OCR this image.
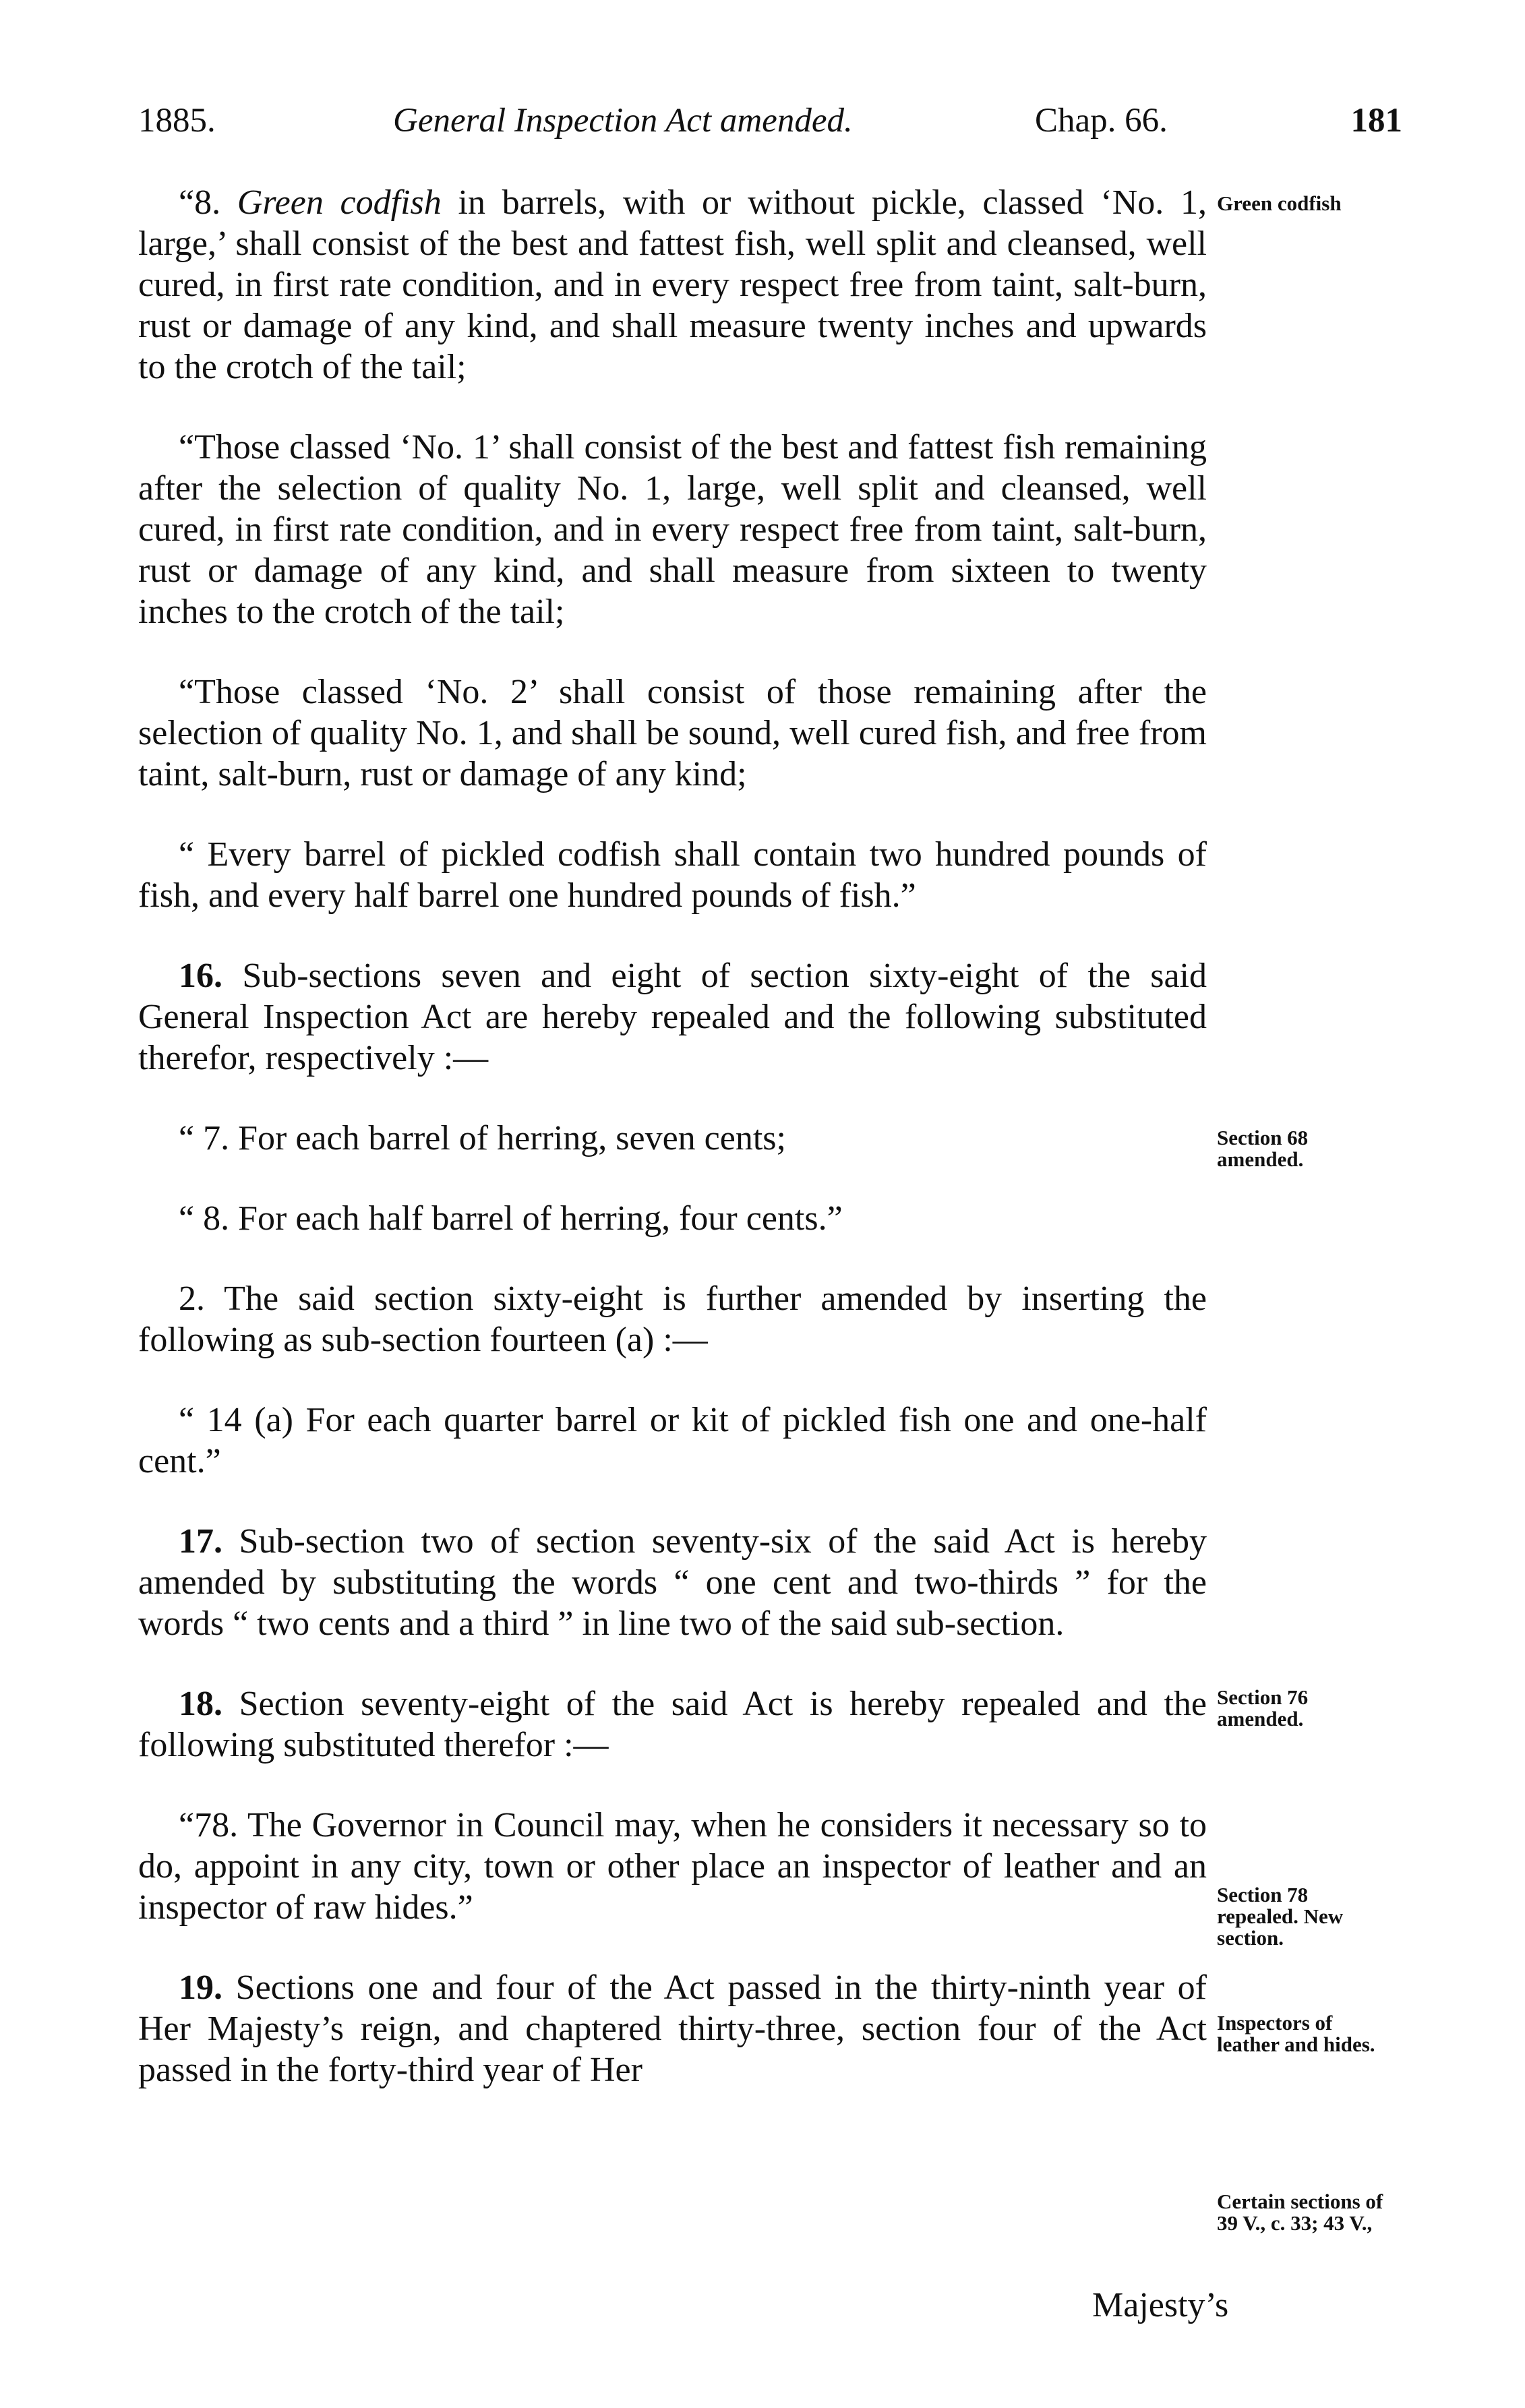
1885.	General Inspection Act amended.	Chap. 66.	181

“8. Green codfish in barrels, with or without pickle, classed ‘No. 1, large,’ shall consist of the best and fattest fish, well split and cleansed, well cured, in first rate condition, and in every respect free from taint, salt-burn, rust or damage of any kind, and shall measure twenty inches and upwards to the crotch of the tail;

“Those classed ‘No. 1’ shall consist of the best and fattest fish remaining after the selection of quality No. 1, large, well split and cleansed, well cured, in first rate condition, and in every respect free from taint, salt-burn, rust or damage of any kind, and shall measure from sixteen to twenty inches to the crotch of the tail;

“Those classed ‘No. 2’ shall consist of those remaining after the selection of quality No. 1, and shall be sound, well cured fish, and free from taint, salt-burn, rust or damage of any kind;

“ Every barrel of pickled codfish shall contain two hundred pounds of fish, and every half barrel one hundred pounds of fish.”

16. Sub-sections seven and eight of section sixty-eight of the said General Inspection Act are hereby repealed and the following substituted therefor, respectively :—

“ 7. For each barrel of herring, seven cents;

“ 8. For each half barrel of herring, four cents.”

2. The said section sixty-eight is further amended by inserting the following as sub-section fourteen (a) :—

“ 14 (a) For each quarter barrel or kit of pickled fish one and one-half cent.”

17. Sub-section two of section seventy-six of the said Act is hereby amended by substituting the words “ one cent and two-thirds ” for the words “ two cents and a third ” in line two of the said sub-section.

18. Section seventy-eight of the said Act is hereby repealed and the following substituted therefor :—

“78. The Governor in Council may, when he considers it necessary so to do, appoint in any city, town or other place an inspector of leather and an inspector of raw hides.”

19. Sections one and four of the Act passed in the thirty-ninth year of Her Majesty’s reign, and chaptered thirty-three, section four of the Act passed in the forty-third year of Her

Green codfish
Section 68 amended.
Section 76 amended.
Section 78 repealed. New section.
Inspectors of leather and hides.
Certain sections of 39 V., c. 33; 43 V.,
Majesty’s
